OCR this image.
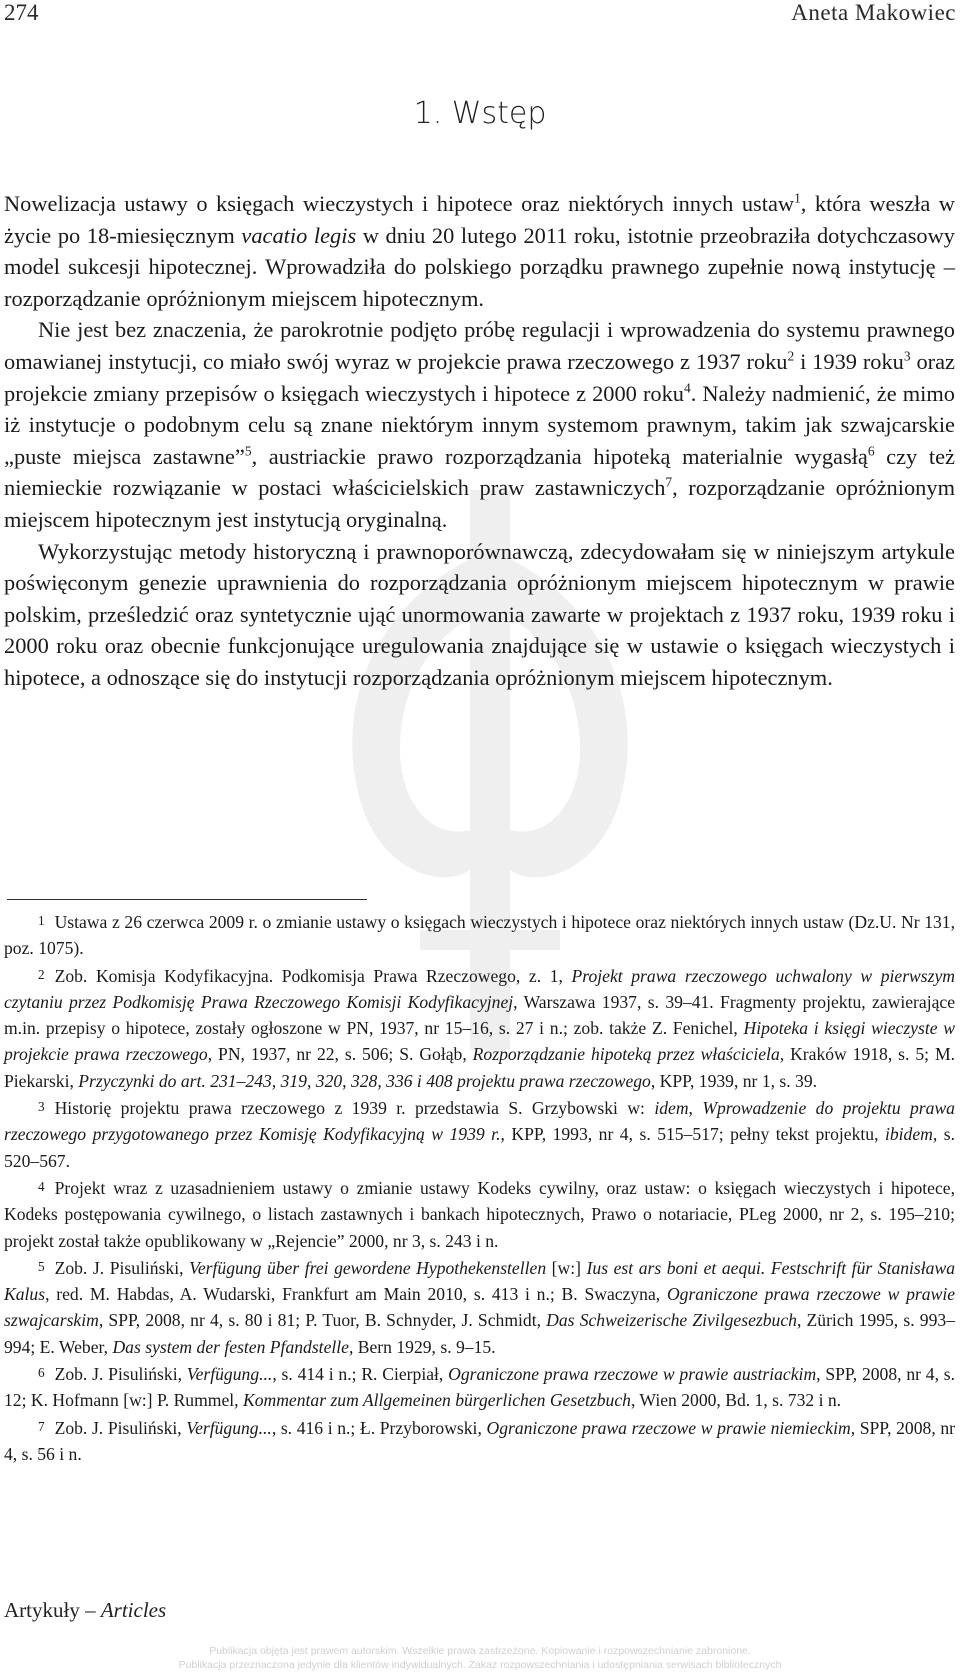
274	Aneta Makowiec
1. Wstęp

Nowelizacja ustawy o księgach wieczystych i hipotece oraz niektórych innych ustaw$^1$, która weszła w życie po 18-miesięcznym vacatio legis w dniu 20 lutego 2011 roku, istotnie przeobraziła dotychczasowy model sukcesji hipotecznej. Wprowadziła do polskiego porządku prawnego zupełnie nową instytucję – rozporządzanie opróżnionym miejscem hipotecznym.

Nie jest bez znaczenia, że parokrotnie podjęto próbę regulacji i wprowadzenia do systemu prawnego omawianej instytucji, co miało swój wyraz w projekcie prawa rzeczowego z 1937 roku$^2$ i 1939 roku$^3$ oraz projekcie zmiany przepisów o księgach wieczystych i hipotece z 2000 roku$^4$. Należy nadmienić, że mimo iż instytucje o podobnym celu są znane niektórym innym systemom prawnym, takim jak szwajcarskie „puste miejsca zastawne”$^5$, austriackie prawo rozporządzania hipoteką materialnie wygasłą$^6$ czy też niemieckie rozwiązanie w postaci właścicielskich praw zastawniczych$^7$, rozporządzanie opróżnionym miejscem hipotecznym jest instytucją oryginalną.

Wykorzystując metody historyczną i prawnoporównawczą, zdecydowałam się w niniejszym artykule poświęconym genezie uprawnienia do rozporządzania opróżnionym miejscem hipotecznym w prawie polskim, prześledzić oraz syntetycznie ująć unormowania zawarte w projektach z 1937 roku, 1939 roku i 2000 roku oraz obecnie funkcjonujące uregulowania znajdujące się w ustawie o księgach wieczystych i hipotece, a odnoszące się do instytucji rozporządzania opróżnionym miejscem hipotecznym.

1 Ustawa z 26 czerwca 2009 r. o zmianie ustawy o księgach wieczystych i hipotece oraz niektórych innych ustaw (Dz.U. Nr 131, poz. 1075).

2 Zob. Komisja Kodyfikacyjna. Podkomisja Prawa Rzeczowego, z. 1, Projekt prawa rzeczowego uchwalony w pierwszym czytaniu przez Podkomisję Prawa Rzeczowego Komisji Kodyfikacyjnej, Warszawa 1937, s. 39–41. Fragmenty projektu, zawierające m.in. przepisy o hipotece, zostały ogłoszone w PN, 1937, nr 15–16, s. 27 i n.; zob. także Z. Fenichel, Hipoteka i księgi wieczyste w projekcie prawa rzeczowego, PN, 1937, nr 22, s. 506; S. Gołąb, Rozporządzanie hipoteką przez właściciela, Kraków 1918, s. 5; M. Piekarski, Przyczynki do art. 231–243, 319, 320, 328, 336 i 408 projektu prawa rzeczowego, KPP, 1939, nr 1, s. 39.

3 Historię projektu prawa rzeczowego z 1939 r. przedstawia S. Grzybowski w: idem, Wprowadzenie do projektu prawa rzeczowego przygotowanego przez Komisję Kodyfikacyjną w 1939 r., KPP, 1993, nr 4, s. 515–517; pełny tekst projektu, ibidem, s. 520–567.

4 Projekt wraz z uzasadnieniem ustawy o zmianie ustawy Kodeks cywilny, oraz ustaw: o księgach wieczystych i hipotece, Kodeks postępowania cywilnego, o listach zastawnych i bankach hipotecznych, Prawo o notariacie, PLeg 2000, nr 2, s. 195–210; projekt został także opublikowany w „Rejencie” 2000, nr 3, s. 243 i n.

5 Zob. J. Pisuliński, Verfügung über frei gewordene Hypothekenstellen [w:] Ius est ars boni et aequi. Festschrift für Stanisława Kalus, red. M. Habdas, A. Wudarski, Frankfurt am Main 2010, s. 413 i n.; B. Swaczyna, Ograniczone prawa rzeczowe w prawie szwajcarskim, SPP, 2008, nr 4, s. 80 i 81; P. Tuor, B. Schnyder, J. Schmidt, Das Schweizerische Zivilgesezbuch, Zürich 1995, s. 993–994; E. Weber, Das system der festen Pfandstelle, Bern 1929, s. 9–15.

6 Zob. J. Pisuliński, Verfügung..., s. 414 i n.; R. Cierpiał, Ograniczone prawa rzeczowe w prawie austriackim, SPP, 2008, nr 4, s. 12; K. Hofmann [w:] P. Rummel, Kommentar zum Allgemeinen bürgerlichen Gesetzbuch, Wien 2000, Bd. 1, s. 732 i n.

7 Zob. J. Pisuliński, Verfügung..., s. 416 i n.; Ł. Przyborowski, Ograniczone prawa rzeczowe w prawie niemieckim, SPP, 2008, nr 4, s. 56 i n.

Artykuły – Articles
Publikacja objęta jest prawem autorskim. Wszelkie prawa zastrzeżone. Kopiowanie i rozpowszechnianie zabronione.
Publikacja przeznaczona jedynie dla klientów indywidualnych. Zakaz rozpowszechniania i udostępniania serwisach bibliotecznych
